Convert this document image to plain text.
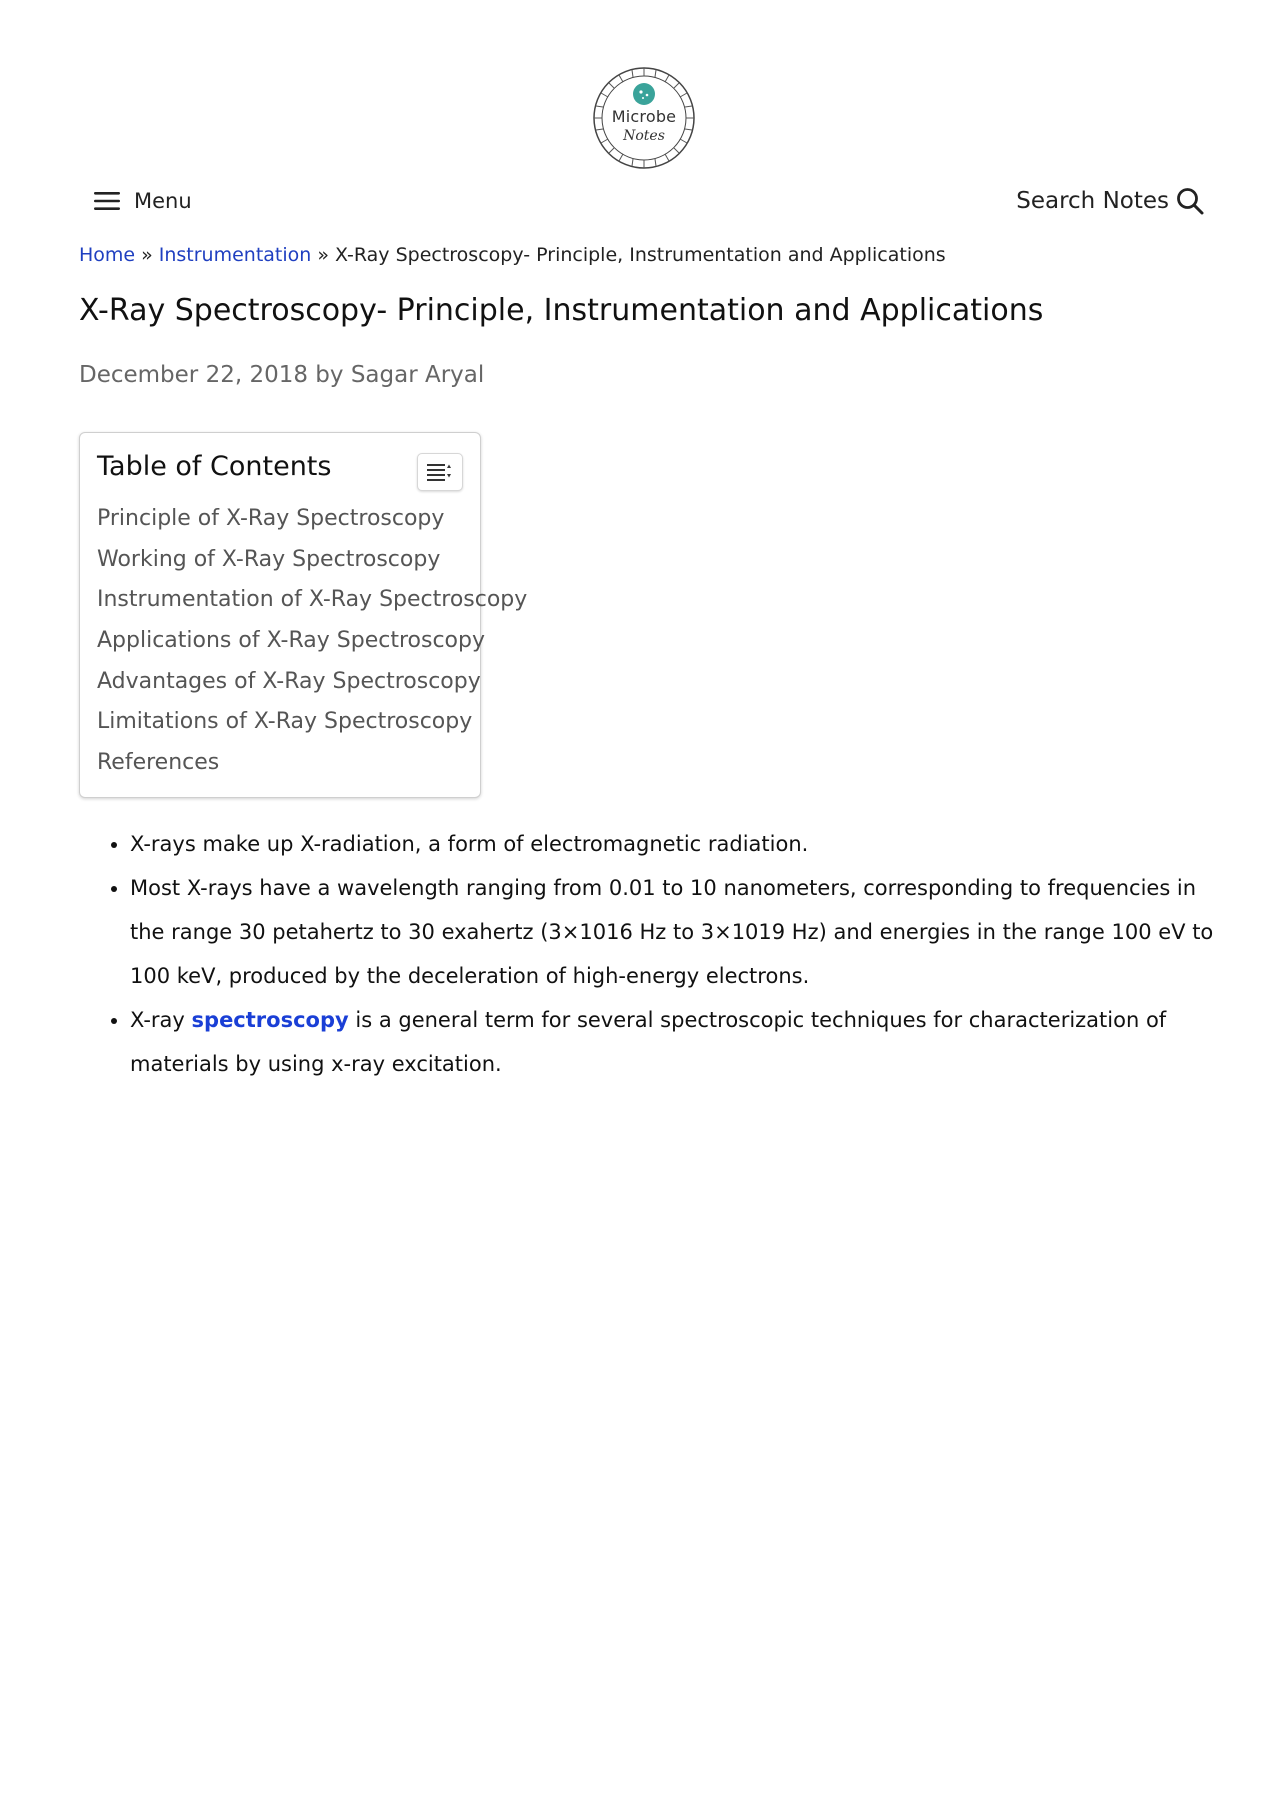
Microbe
Notes
Menu	Search Notes
Home » Instrumentation » X-Ray Spectroscopy- Principle, Instrumentation and Applications
X-Ray Spectroscopy- Principle, Instrumentation and Applications
December 22, 2018 by Sagar Aryal
Table of Contents
Principle of X-Ray Spectroscopy
Working of X-Ray Spectroscopy
Instrumentation of X-Ray Spectroscopy
Applications of X-Ray Spectroscopy
Advantages of X-Ray Spectroscopy
Limitations of X-Ray Spectroscopy
References
• X-rays make up X-radiation, a form of electromagnetic radiation.
• Most X-rays have a wavelength ranging from 0.01 to 10 nanometers, corresponding to frequencies in the range 30 petahertz to 30 exahertz (3×1016 Hz to 3×1019 Hz) and energies in the range 100 eV to 100 keV, produced by the deceleration of high-energy electrons.
• X-ray spectroscopy is a general term for several spectroscopic techniques for characterization of materials by using x-ray excitation.
